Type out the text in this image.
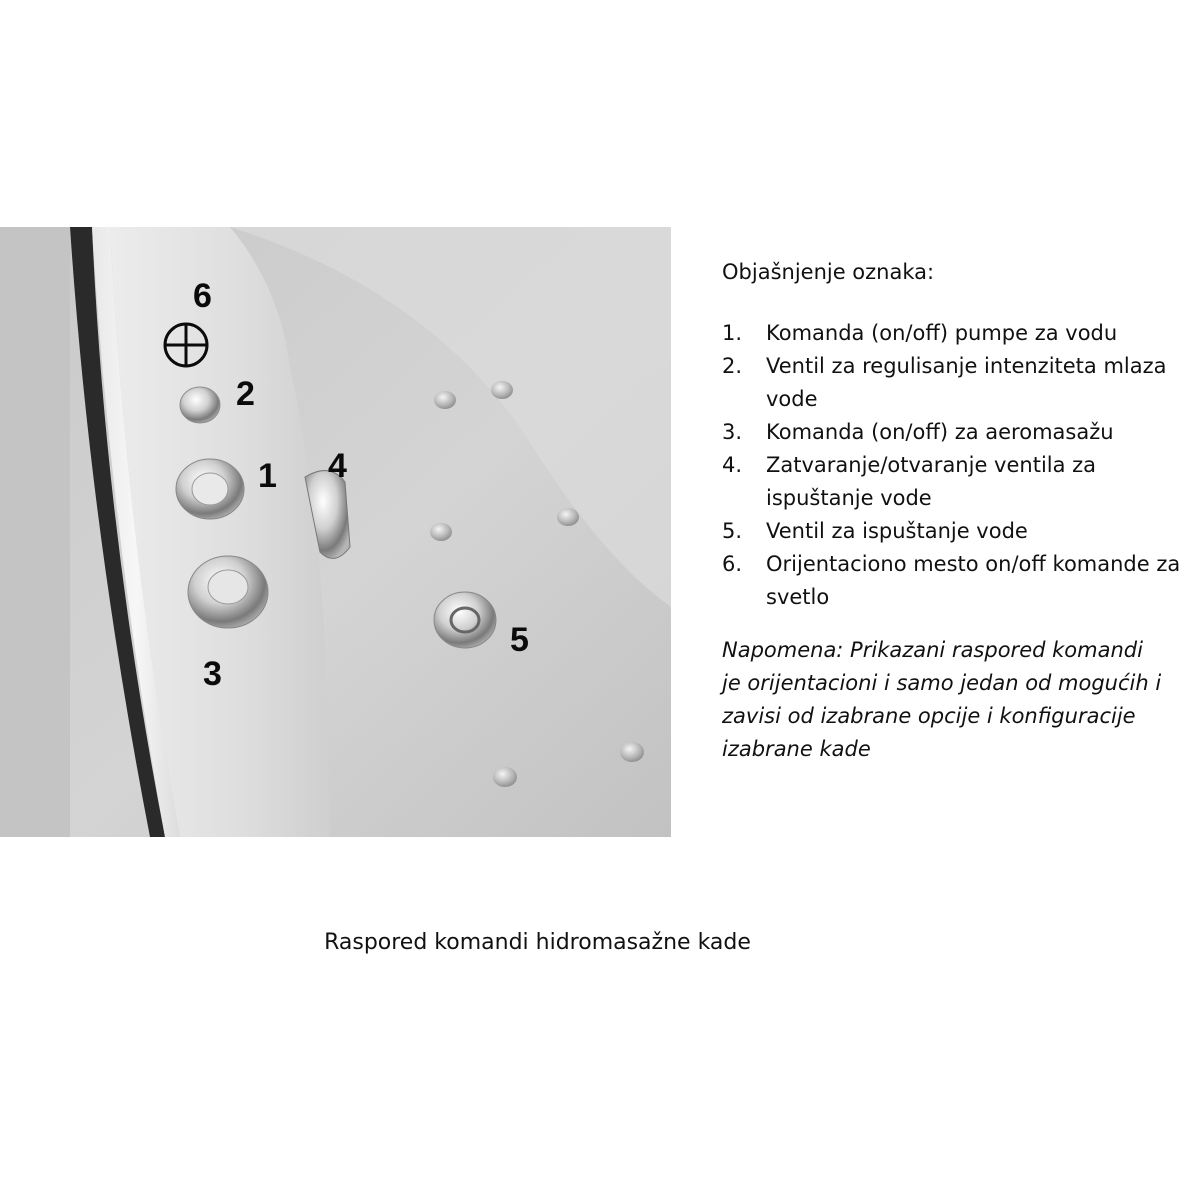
6
2
1 4
3
5
Objašnjenje oznaka:
1.	Komanda (on/off) pumpe za vodu
2.	Ventil za regulisanje intenziteta mlaza vode
3.	Komanda (on/off) za aeromasažu
4.	Zatvaranje/otvaranje ventila za ispuštanje vode
5.	Ventil za ispuštanje vode
6.	Orijentaciono mesto on/off komande za svetlo

Napomena: Prikazani raspored komandi je orijentacioni i samo jedan od mogućih i zavisi od izabrane opcije i konfiguracije izabrane kade

Raspored komandi hidromasažne kade
